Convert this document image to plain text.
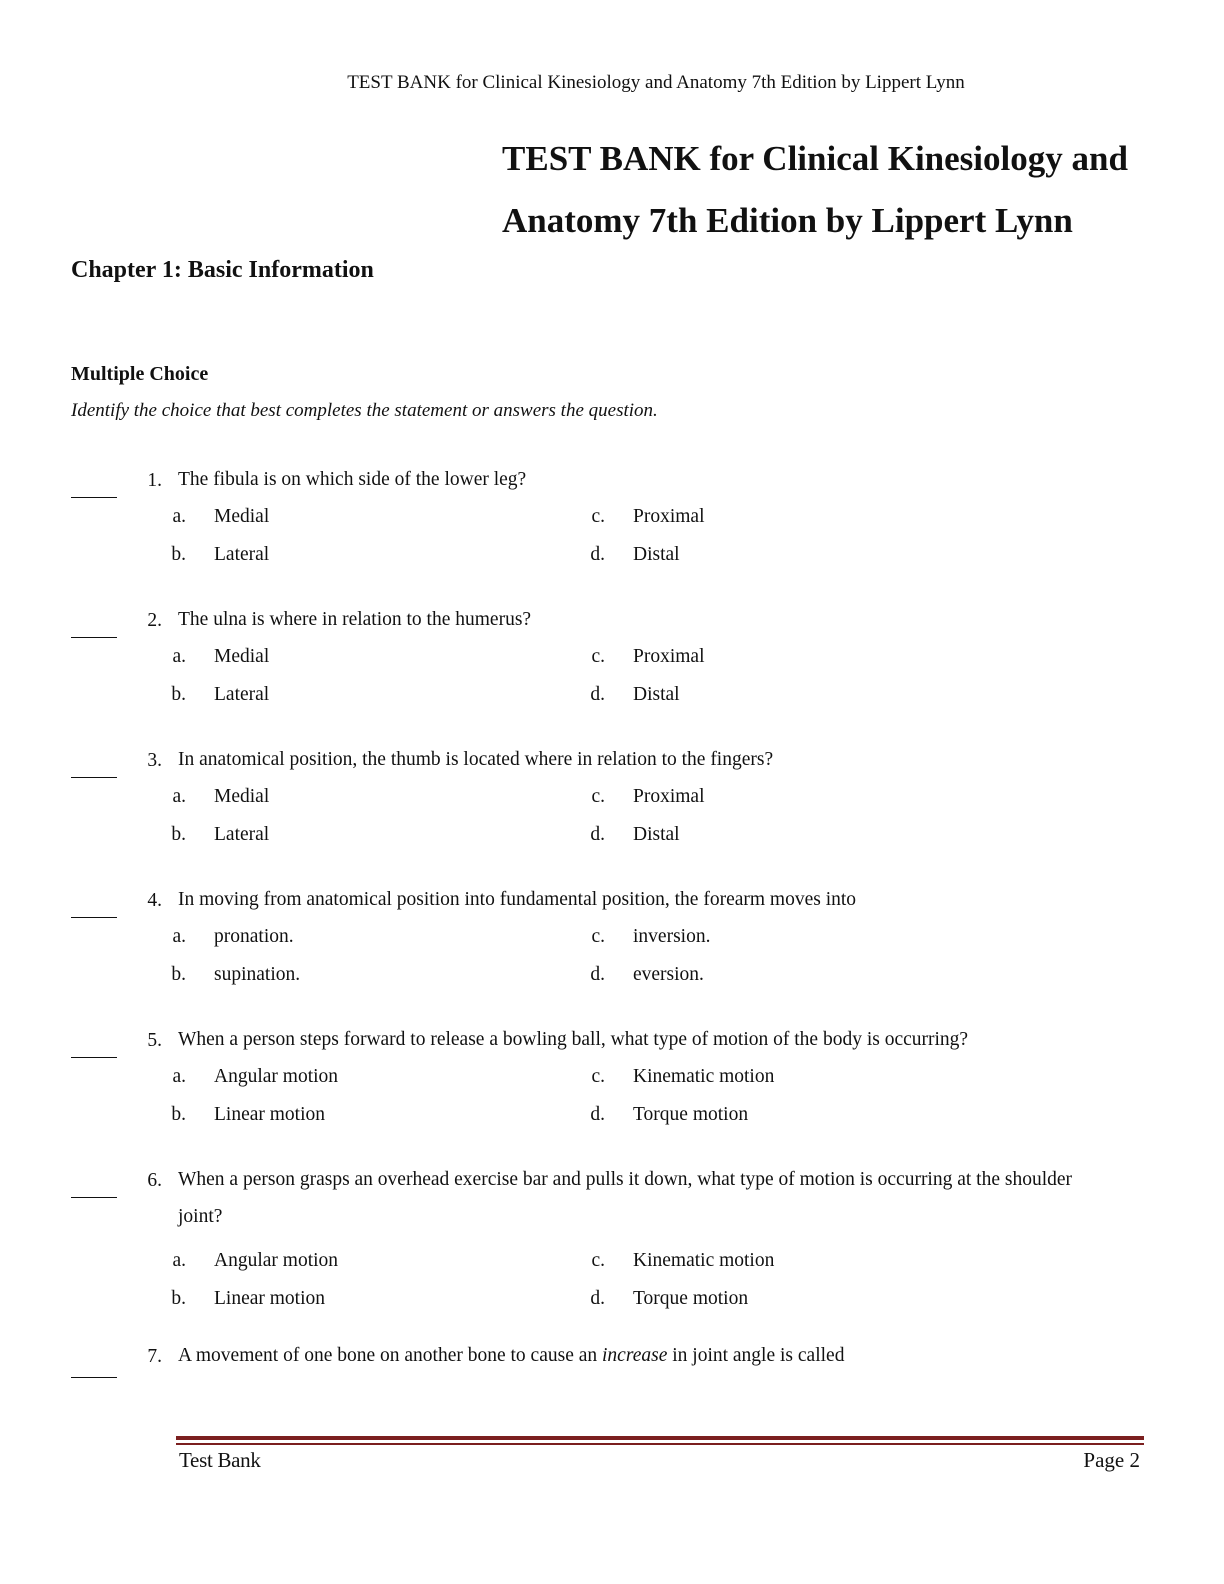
TEST BANK for Clinical Kinesiology and Anatomy 7th Edition by Lippert Lynn
TEST BANK for Clinical Kinesiology and
Anatomy 7th Edition by Lippert Lynn
Chapter 1: Basic Information
Multiple Choice

Identify the choice that best completes the statement or answers the question.

1. The fibula is on which side of the lower leg?
a. Medial
b. Lateral
c. Proximal
d. Distal
2. The ulna is where in relation to the humerus?
a. Medial
b. Lateral
c. Proximal
d. Distal
3. In anatomical position, the thumb is located where in relation to the fingers?
a. Medial
b. Lateral
c. Proximal
d. Distal
4. In moving from anatomical position into fundamental position, the forearm moves into
a. pronation.
b. supination.
c. inversion.
d. eversion.
5. When a person steps forward to release a bowling ball, what type of motion of the body is occurring?
a. Angular motion
b. Linear motion
c. Kinematic motion
d. Torque motion
6. When a person grasps an overhead exercise bar and pulls it down, what type of motion is occurring at the shoulder joint?
a. Angular motion
b. Linear motion
c. Kinematic motion
d. Torque motion
7. A movement of one bone on another bone to cause an increase in joint angle is called
Test Bank	Page 2
